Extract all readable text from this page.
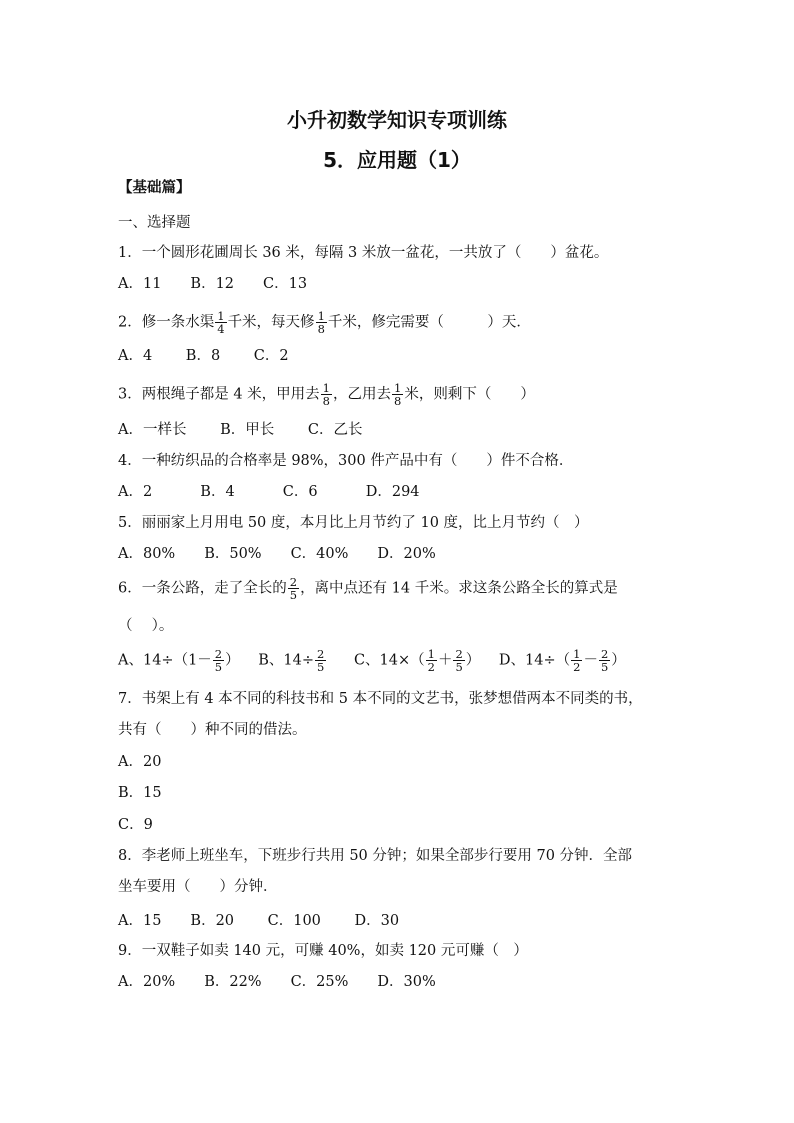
小升初数学知识专项训练
5．应用题（1）
【基础篇】
一、选择题
1．一个圆形花圃周长 36 米，每隔 3 米放一盆花，一共放了（　　）盆花。
A．11　　B．12　　C．13
2．修一条水渠 $\frac{1}{4}$ 千米，每天修 $\frac{1}{8}$ 千米，修完需要（　　　）天．
A．4　　 B．8　　 C．2
3．两根绳子都是 4 米，甲用去 $\frac{1}{8}$ ，乙用去 $\frac{1}{8}$ 米，则剩下（　　）
A．一样长　　 B．甲长　　 C．乙长
4．一种纺织品的合格率是 98%，300 件产品中有（　　）件不合格．
A．2　　　 B．4　　　 C．6　　　 D．294
5．丽丽家上月用电 50 度，本月比上月节约了 10 度，比上月节约（　）
A．80%　　B．50%　　C．40%　　D．20%
6．一条公路，走了全长的 $\frac{2}{5}$ ，离中点还有 14 千米。求这条公路全长的算式是
（　 ）。
A、$14\div(1- \frac{2}{5}$ ） B、$14\div \frac{2}{5}$ C、$14\times( \frac{1}{2} + \frac{2}{5}$ ） D、$14\div( \frac{1}{2} - \frac{2}{5}$ ）
7．书架上有 4 本不同的科技书和 5 本不同的文艺书，张梦想借两本不同类的书，
共有（　　）种不同的借法。
A．20
B．15
C．9
8．李老师上班坐车，下班步行共用 50 分钟；如果全部步行要用 70 分钟．全部
坐车要用（　　）分钟．
A．15　　B．20　　 C．100　　 D．30
9．一双鞋子如卖 140 元，可赚 40%，如卖 120 元可赚（　）
A．20%　　B．22%　　C．25%　　D．30%
